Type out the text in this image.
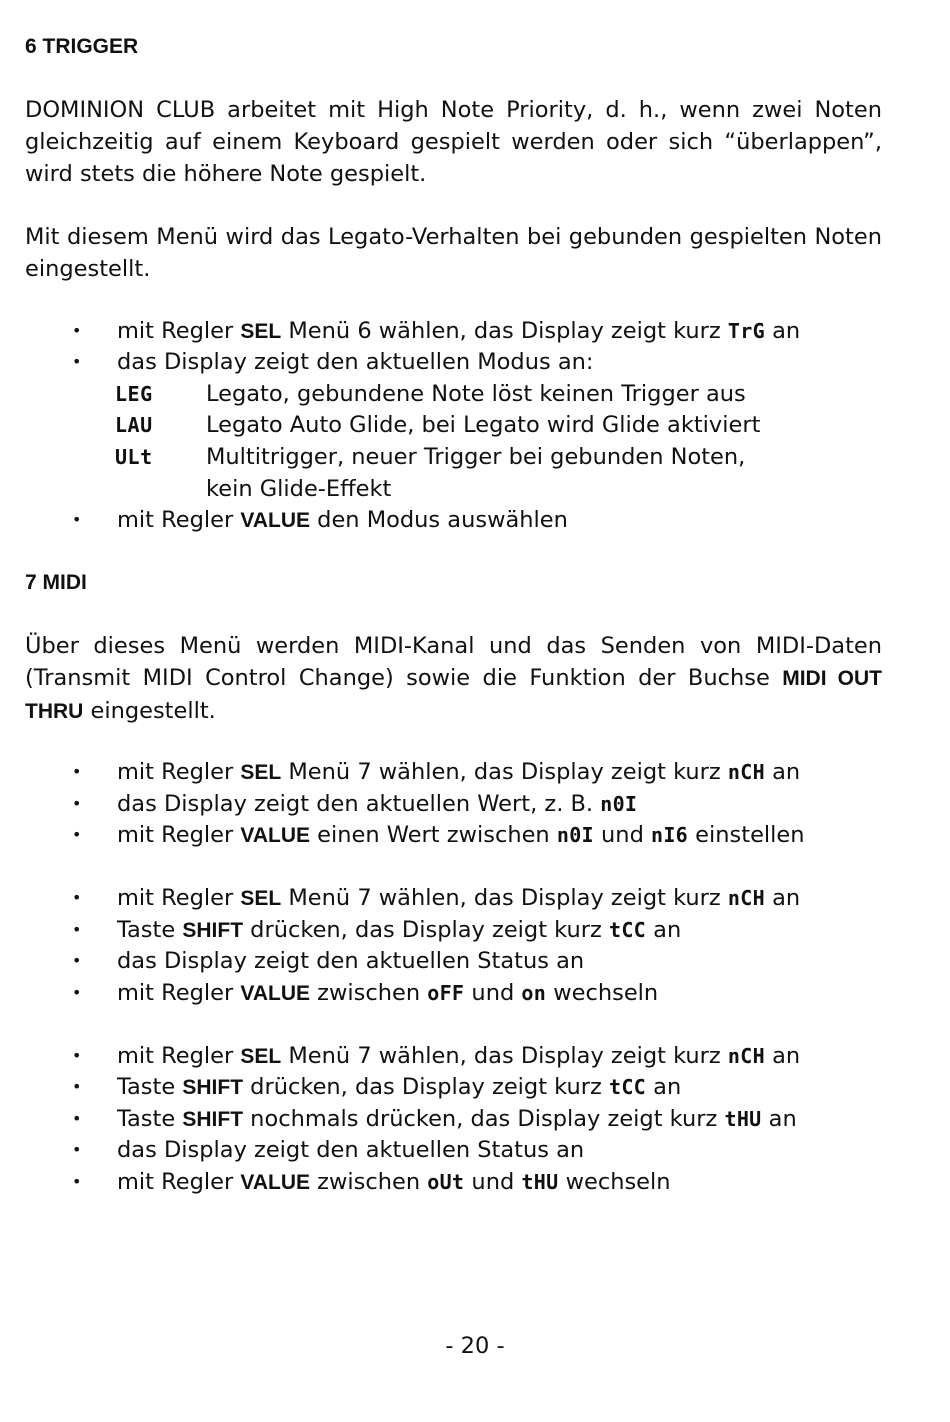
6 TRIGGER

DOMINION CLUB arbeitet mit High Note Priority, d. h., wenn zwei Noten gleichzeitig auf einem Keyboard gespielt werden oder sich “überlappen”, wird stets die höhere Note gespielt.

Mit diesem Menü wird das Legato-Verhalten bei gebunden gespielten Noten eingestellt.

• mit Regler SEL Menü 6 wählen, das Display zeigt kurz TrG an
• das Display zeigt den aktuellen Modus an:
LEG Legato, gebundene Note löst keinen Trigger aus
LAU Legato Auto Glide, bei Legato wird Glide aktiviert
ULt Multitrigger, neuer Trigger bei gebunden Noten,
kein Glide-Effekt
• mit Regler VALUE den Modus auswählen
7 MIDI

Über dieses Menü werden MIDI-Kanal und das Senden von MIDI-Daten (Transmit MIDI Control Change) sowie die Funktion der Buchse MIDI OUT THRU eingestellt.

• mit Regler SEL Menü 7 wählen, das Display zeigt kurz nCH an
• das Display zeigt den aktuellen Wert, z. B. n0I
• mit Regler VALUE einen Wert zwischen n0I und nI6 einstellen
• mit Regler SEL Menü 7 wählen, das Display zeigt kurz nCH an
• Taste SHIFT drücken, das Display zeigt kurz tCC an
• das Display zeigt den aktuellen Status an
• mit Regler VALUE zwischen oFF und on wechseln
• mit Regler SEL Menü 7 wählen, das Display zeigt kurz nCH an
• Taste SHIFT drücken, das Display zeigt kurz tCC an
• Taste SHIFT nochmals drücken, das Display zeigt kurz tHU an
• das Display zeigt den aktuellen Status an
• mit Regler VALUE zwischen oUt und tHU wechseln
- 20 -
